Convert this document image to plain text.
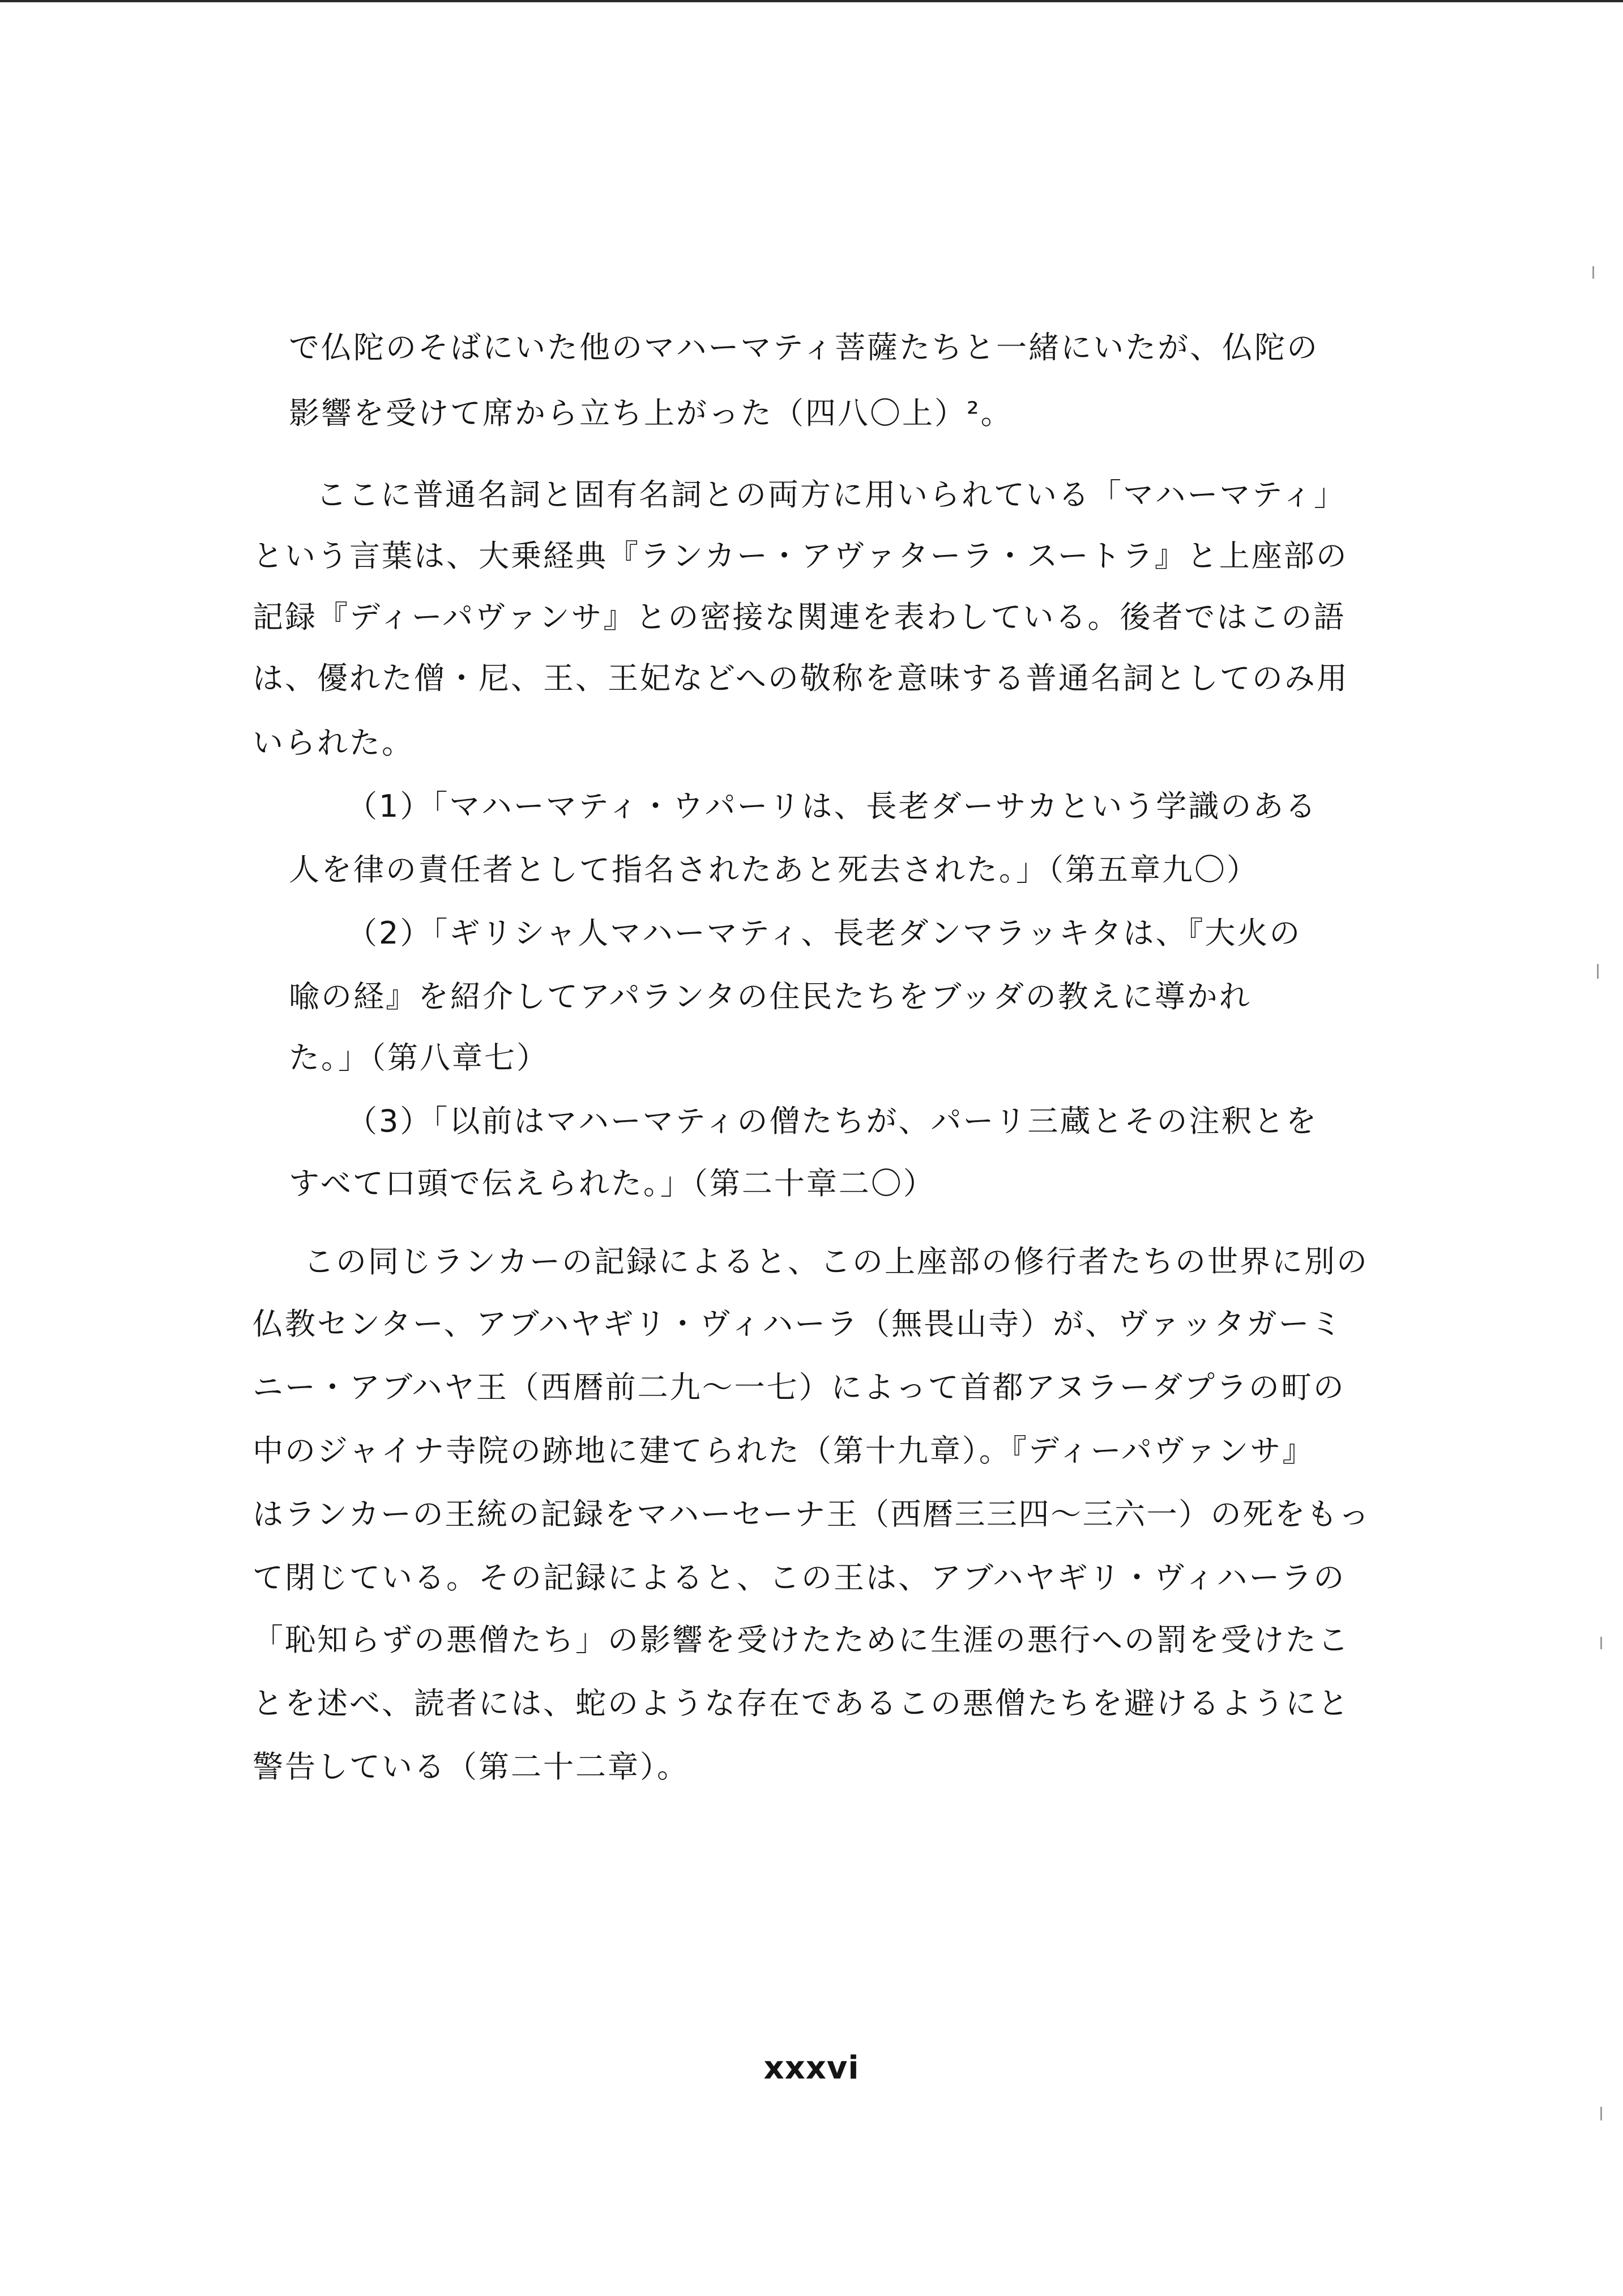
で仏陀のそばにいた他のマハーマティ菩薩たちと一緒にいたが、仏陀の
影響を受けて席から立ち上がった（四八〇上）²。
ここに普通名詞と固有名詞との両方に用いられている「マハーマティ」
という言葉は、大乗経典『ランカー・アヴァターラ・スートラ』と上座部の
記録『ディーパヴァンサ』との密接な関連を表わしている。後者ではこの語
は、優れた僧・尼、王、王妃などへの敬称を意味する普通名詞としてのみ用
いられた。
（1）「マハーマティ・ウパーリは、長老ダーサカという学識のある
人を律の責任者として指名されたあと死去された。」（第五章九〇）
（2）「ギリシャ人マハーマティ、長老ダンマラッキタは、『大火の
喩の経』を紹介してアパランタの住民たちをブッダの教えに導かれ
た。」（第八章七）
（3）「以前はマハーマティの僧たちが、パーリ三蔵とその注釈とを
すべて口頭で伝えられた。」（第二十章二〇）
この同じランカーの記録によると、この上座部の修行者たちの世界に別の
仏教センター、アブハヤギリ・ヴィハーラ（無畏山寺）が、ヴァッタガーミ
ニー・アブハヤ王（西暦前二九～一七）によって首都アヌラーダプラの町の
中のジャイナ寺院の跡地に建てられた（第十九章）。『ディーパヴァンサ』
はランカーの王統の記録をマハーセーナ王（西暦三三四～三六一）の死をもっ
て閉じている。その記録によると、この王は、アブハヤギリ・ヴィハーラの
「恥知らずの悪僧たち」の影響を受けたために生涯の悪行への罰を受けたこ
とを述べ、読者には、蛇のような存在であるこの悪僧たちを避けるようにと
警告している（第二十二章）。
xxxvi
